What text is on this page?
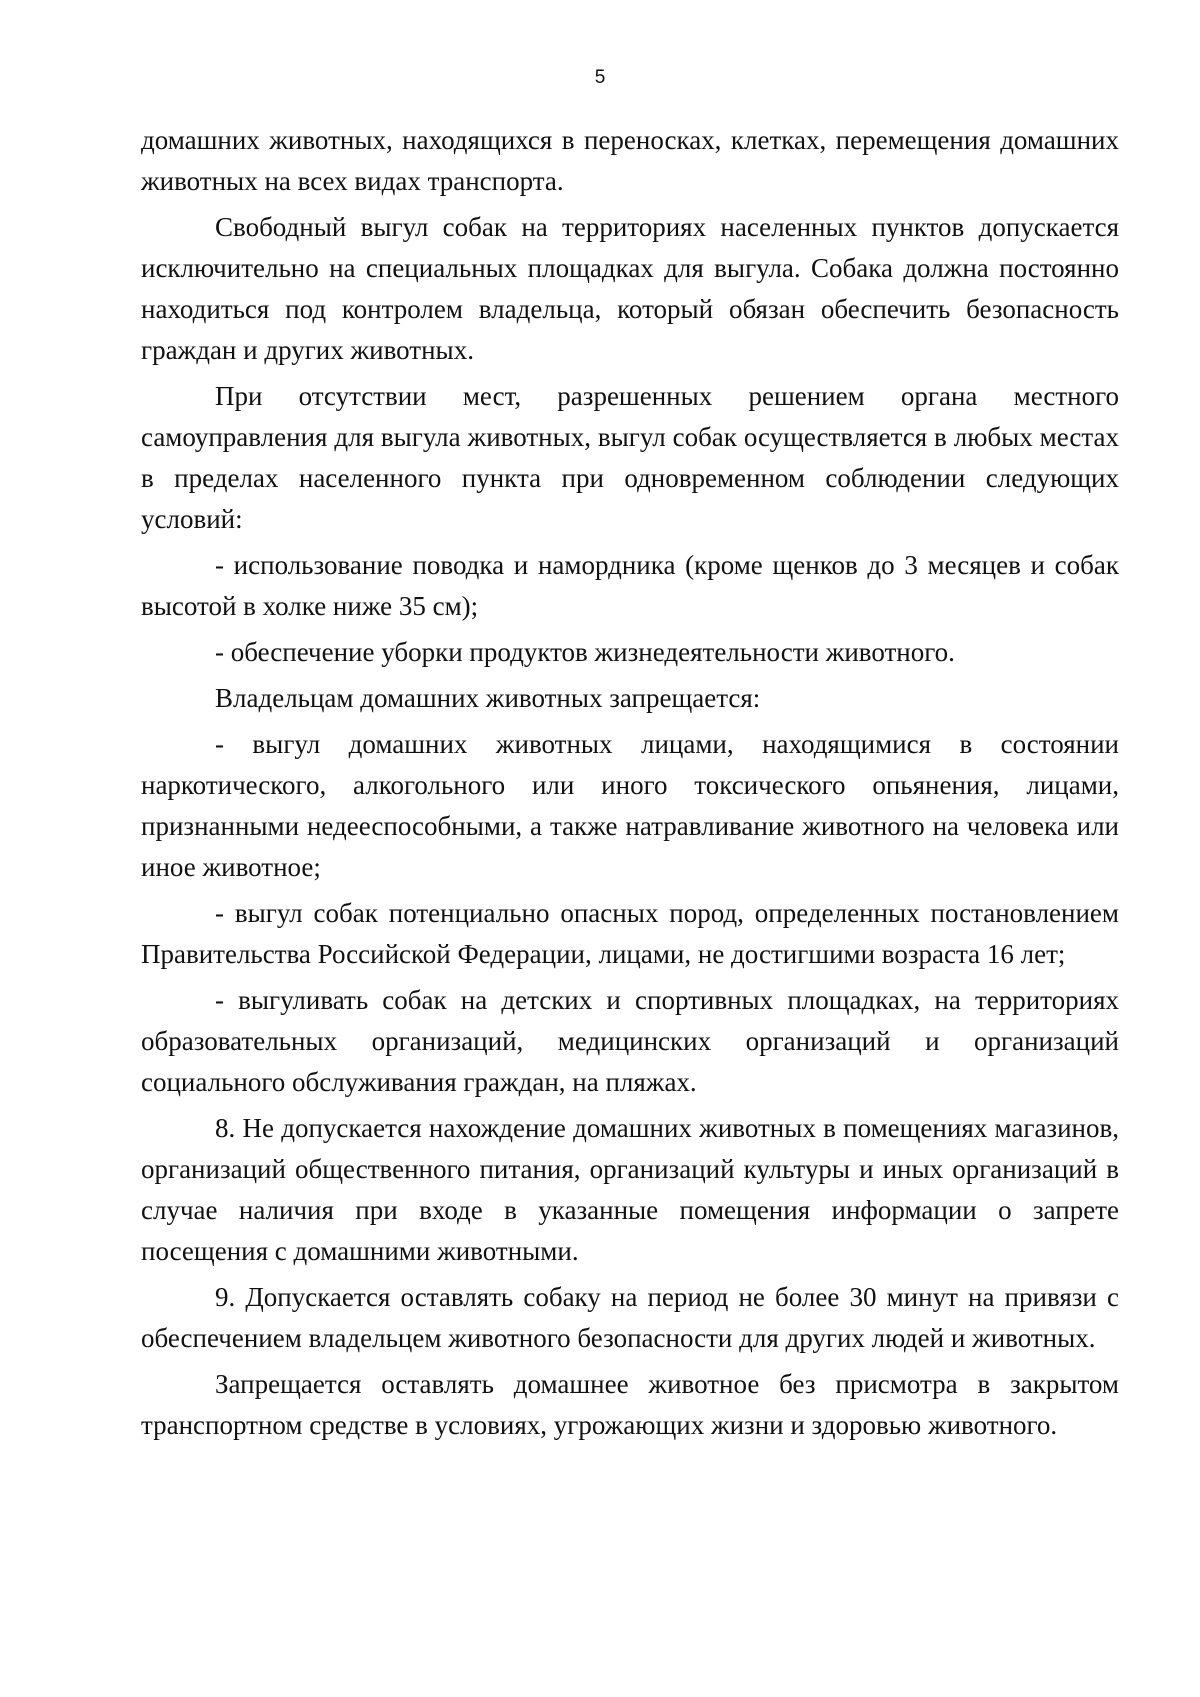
5

домашних животных, находящихся в переносках, клетках, перемещения домашних животных на всех видах транспорта.

Свободный выгул собак на территориях населенных пунктов допускается исключительно на специальных площадках для выгула. Собака должна постоянно находиться под контролем владельца, который обязан обеспечить безопасность граждан и других животных.

При отсутствии мест, разрешенных решением органа местного самоуправления для выгула животных, выгул собак осуществляется в любых местах в пределах населенного пункта при одновременном соблюдении следующих условий:

- использование поводка и намордника (кроме щенков до 3 месяцев и собак высотой в холке ниже 35 см);

- обеспечение уборки продуктов жизнедеятельности животного.

Владельцам домашних животных запрещается:

- выгул домашних животных лицами, находящимися в состоянии наркотического, алкогольного или иного токсического опьянения, лицами, признанными недееспособными, а также натравливание животного на человека или иное животное;

- выгул собак потенциально опасных пород, определенных постановлением Правительства Российской Федерации, лицами, не достигшими возраста 16 лет;

- выгуливать собак на детских и спортивных площадках, на территориях образовательных организаций, медицинских организаций и организаций социального обслуживания граждан, на пляжах.

8. Не допускается нахождение домашних животных в помещениях магазинов, организаций общественного питания, организаций культуры и иных организаций в случае наличия при входе в указанные помещения информации о запрете посещения с домашними животными.

9. Допускается оставлять собаку на период не более 30 минут на привязи с обеспечением владельцем животного безопасности для других людей и животных.

Запрещается оставлять домашнее животное без присмотра в закрытом транспортном средстве в условиях, угрожающих жизни и здоровью животного.
